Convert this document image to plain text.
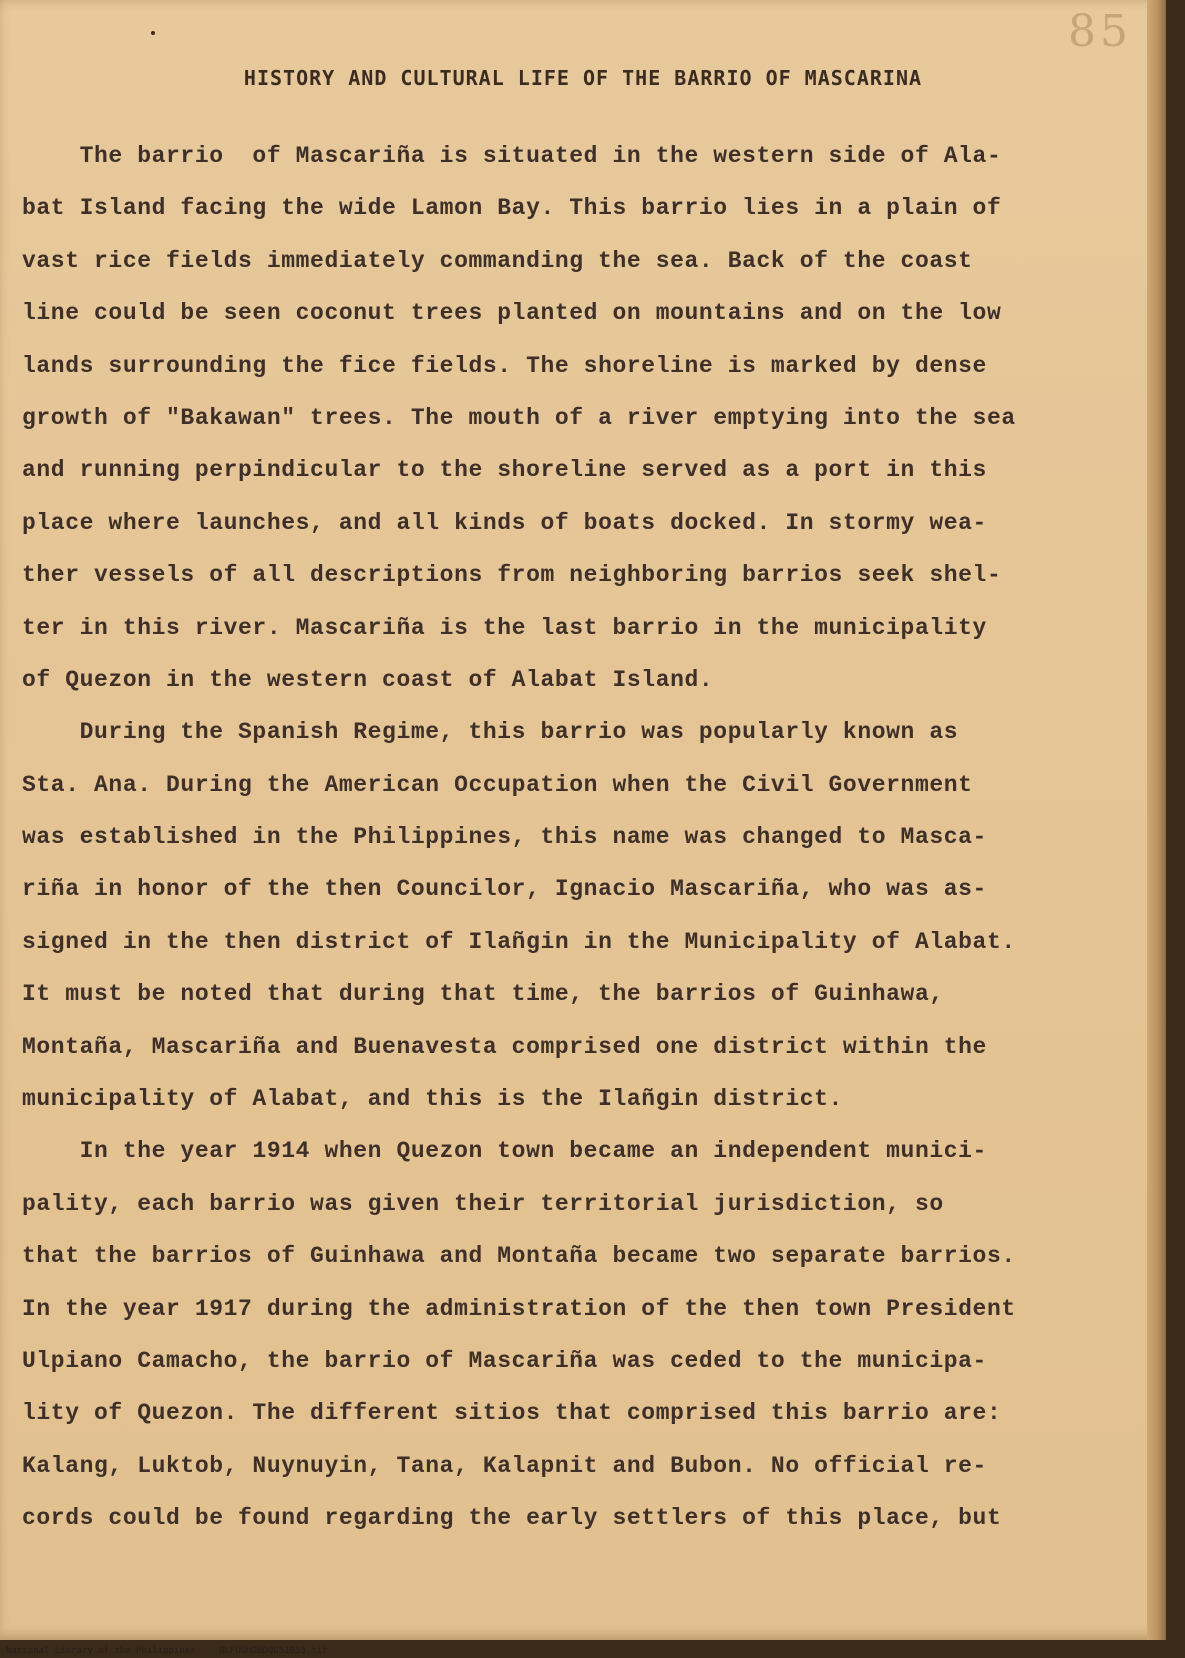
85
HISTORY AND CULTURAL LIFE OF THE BARRIO OF MASCARINA
The barrio  of Mascariña is situated in the western side of Ala-
bat Island facing the wide Lamon Bay. This barrio lies in a plain of
vast rice fields immediately commanding the sea. Back of the coast
line could be seen coconut trees planted on mountains and on the low
lands surrounding the fice fields. The shoreline is marked by dense
growth of "Bakawan" trees. The mouth of a river emptying into the sea
and running perpindicular to the shoreline served as a port in this
place where launches, and all kinds of boats docked. In stormy wea-
ther vessels of all descriptions from neighboring barrios seek shel-
ter in this river. Mascariña is the last barrio in the municipality
of Quezon in the western coast of Alabat Island.
During the Spanish Regime, this barrio was popularly known as
Sta. Ana. During the American Occupation when the Civil Government
was established in the Philippines, this name was changed to Masca-
riña in honor of the then Councilor, Ignacio Mascariña, who was as-
signed in the then district of Ilañgin in the Municipality of Alabat.
It must be noted that during that time, the barrios of Guinhawa,
Montaña, Mascariña and Buenavesta comprised one district within the
municipality of Alabat, and this is the Ilañgin district.
In the year 1914 when Quezon town became an independent munici-
pality, each barrio was given their territorial jurisdiction, so
that the barrios of Guinhawa and Montaña became two separate barrios.
In the year 1917 during the administration of the then town President
Ulpiano Camacho, the barrio of Mascariña was ceded to the municipa-
lity of Quezon. The different sitios that comprised this barrio are:
Kalang, Luktob, Nuynuyin, Tana, Kalapnit and Bubon. No official re-
cords could be found regarding the early settlers of this place, but
National Library of the Philippines	NLPOOHDBDQU51055.tif
